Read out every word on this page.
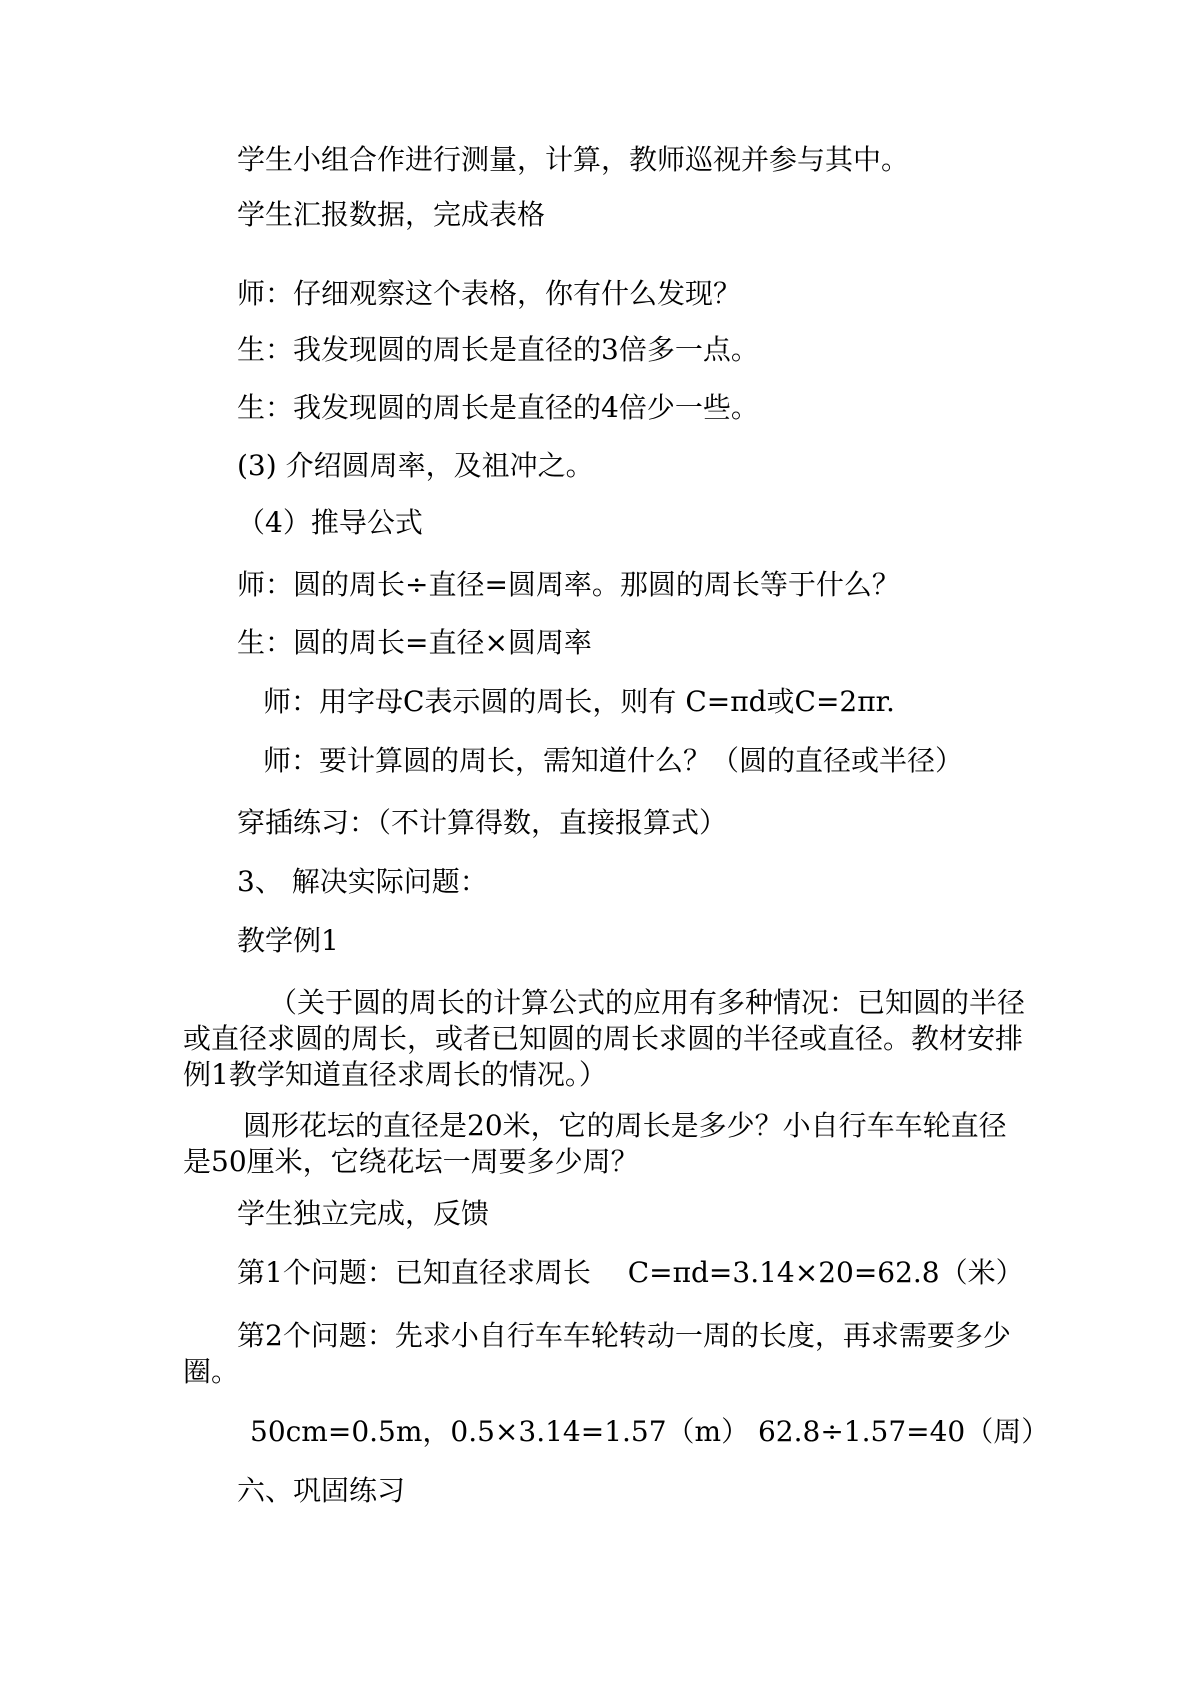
学生小组合作进行测量，计算，教师巡视并参与其中。
学生汇报数据，完成表格
师：仔细观察这个表格，你有什么发现？
生：我发现圆的周长是直径的3倍多一点。
生：我发现圆的周长是直径的4倍少一些。
(3) 介绍圆周率，及祖冲之。
（4）推导公式
师：圆的周长÷直径=圆周率。那圆的周长等于什么？
生：圆的周长=直径×圆周率
师：用字母C表示圆的周长，则有 C=πd或C=2πr.
师：要计算圆的周长，需知道什么？（圆的直径或半径）
穿插练习：（不计算得数，直接报算式）
3、 解决实际问题：
教学例1
（关于圆的周长的计算公式的应用有多种情况：已知圆的半径或直径求圆的周长，或者已知圆的周长求圆的半径或直径。教材安排例1教学知道直径求周长的情况。）
圆形花坛的直径是20米，它的周长是多少？小自行车车轮直径是50厘米，它绕花坛一周要多少周？
学生独立完成，反馈
第1个问题：已知直径求周长　 C=πd=3.14×20=62.8（米）
第2个问题：先求小自行车车轮转动一周的长度，再求需要多少圈。
50cm=0.5m，0.5×3.14=1.57（m） 62.8÷1.57=40（周）
六、巩固练习
